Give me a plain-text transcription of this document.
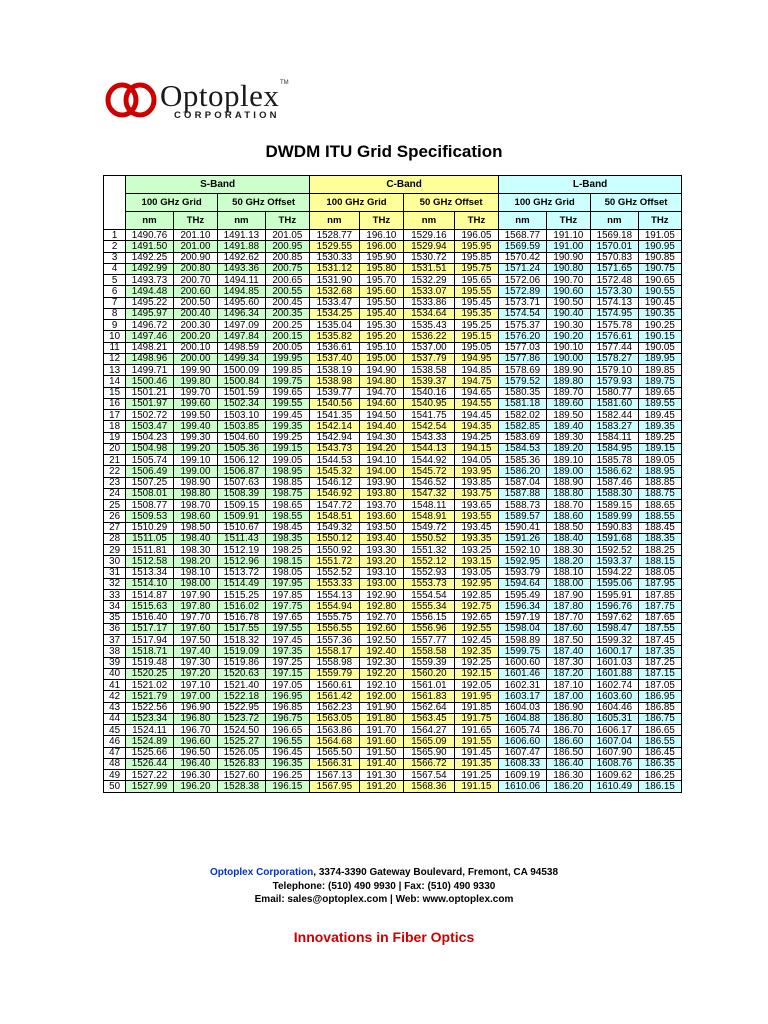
Optoplex TM
CORPORATION
DWDM ITU Grid Specification
	S-Band				C-Band				L-Band			
	100 GHz Grid		50 GHz Offset		100 GHz Grid		50 GHz Offset		100 GHz Grid		50 GHz Offset	
	nm	THz	nm	THz	nm	THz	nm	THz	nm	THz	nm	THz
1	1490.76	201.10	1491.13	201.05	1528.77	196.10	1529.16	196.05	1568.77	191.10	1569.18	191.05
2	1491.50	201.00	1491.88	200.95	1529.55	196.00	1529.94	195.95	1569.59	191.00	1570.01	190.95
3	1492.25	200.90	1492.62	200.85	1530.33	195.90	1530.72	195.85	1570.42	190.90	1570.83	190.85
4	1492.99	200.80	1493.36	200.75	1531.12	195.80	1531.51	195.75	1571.24	190.80	1571.65	190.75
5	1493.73	200.70	1494.11	200.65	1531.90	195.70	1532.29	195.65	1572.06	190.70	1572.48	190.65
6	1494.48	200.60	1494.85	200.55	1532.68	195.60	1533.07	195.55	1572.89	190.60	1573.30	190.55
7	1495.22	200.50	1495.60	200.45	1533.47	195.50	1533.86	195.45	1573.71	190.50	1574.13	190.45
8	1495.97	200.40	1496.34	200.35	1534.25	195.40	1534.64	195.35	1574.54	190.40	1574.95	190.35
9	1496.72	200.30	1497.09	200.25	1535.04	195.30	1535.43	195.25	1575.37	190.30	1575.78	190.25
10	1497.46	200.20	1497.84	200.15	1535.82	195.20	1536.22	195.15	1576.20	190.20	1576.61	190.15
11	1498.21	200.10	1498.59	200.05	1536.61	195.10	1537.00	195.05	1577.03	190.10	1577.44	190.05
12	1498.96	200.00	1499.34	199.95	1537.40	195.00	1537.79	194.95	1577.86	190.00	1578.27	189.95
13	1499.71	199.90	1500.09	199.85	1538.19	194.90	1538.58	194.85	1578.69	189.90	1579.10	189.85
14	1500.46	199.80	1500.84	199.75	1538.98	194.80	1539.37	194.75	1579.52	189.80	1579.93	189.75
15	1501.21	199.70	1501.59	199.65	1539.77	194.70	1540.16	194.65	1580.35	189.70	1580.77	189.65
16	1501.97	199.60	1502.34	199.55	1540.56	194.60	1540.95	194.55	1581.18	189.60	1581.60	189.55
17	1502.72	199.50	1503.10	199.45	1541.35	194.50	1541.75	194.45	1582.02	189.50	1582.44	189.45
18	1503.47	199.40	1503.85	199.35	1542.14	194.40	1542.54	194.35	1582.85	189.40	1583.27	189.35
19	1504.23	199.30	1504.60	199.25	1542.94	194.30	1543.33	194.25	1583.69	189.30	1584.11	189.25
20	1504.98	199.20	1505.36	199.15	1543.73	194.20	1544.13	194.15	1584.53	189.20	1584.95	189.15
21	1505.74	199.10	1506.12	199.05	1544.53	194.10	1544.92	194.05	1585.36	189.10	1585.78	189.05
22	1506.49	199.00	1506.87	198.95	1545.32	194.00	1545.72	193.95	1586.20	189.00	1586.62	188.95
23	1507.25	198.90	1507.63	198.85	1546.12	193.90	1546.52	193.85	1587.04	188.90	1587.46	188.85
24	1508.01	198.80	1508.39	198.75	1546.92	193.80	1547.32	193.75	1587.88	188.80	1588.30	188.75
25	1508.77	198.70	1509.15	198.65	1547.72	193.70	1548.11	193.65	1588.73	188.70	1589.15	188.65
26	1509.53	198.60	1509.91	198.55	1548.51	193.60	1548.91	193.55	1589.57	188.60	1589.99	188.55
27	1510.29	198.50	1510.67	198.45	1549.32	193.50	1549.72	193.45	1590.41	188.50	1590.83	188.45
28	1511.05	198.40	1511.43	198.35	1550.12	193.40	1550.52	193.35	1591.26	188.40	1591.68	188.35
29	1511.81	198.30	1512.19	198.25	1550.92	193.30	1551.32	193.25	1592.10	188.30	1592.52	188.25
30	1512.58	198.20	1512.96	198.15	1551.72	193.20	1552.12	193.15	1592.95	188.20	1593.37	188.15
31	1513.34	198.10	1513.72	198.05	1552.52	193.10	1552.93	193.05	1593.79	188.10	1594.22	188.05
32	1514.10	198.00	1514.49	197.95	1553.33	193.00	1553.73	192.95	1594.64	188.00	1595.06	187.95
33	1514.87	197.90	1515.25	197.85	1554.13	192.90	1554.54	192.85	1595.49	187.90	1595.91	187.85
34	1515.63	197.80	1516.02	197.75	1554.94	192.80	1555.34	192.75	1596.34	187.80	1596.76	187.75
35	1516.40	197.70	1516.78	197.65	1555.75	192.70	1556.15	192.65	1597.19	187.70	1597.62	187.65
36	1517.17	197.60	1517.55	197.55	1556.55	192.60	1556.96	192.55	1598.04	187.60	1598.47	187.55
37	1517.94	197.50	1518.32	197.45	1557.36	192.50	1557.77	192.45	1598.89	187.50	1599.32	187.45
38	1518.71	197.40	1519.09	197.35	1558.17	192.40	1558.58	192.35	1599.75	187.40	1600.17	187.35
39	1519.48	197.30	1519.86	197.25	1558.98	192.30	1559.39	192.25	1600.60	187.30	1601.03	187.25
40	1520.25	197.20	1520.63	197.15	1559.79	192.20	1560.20	192.15	1601.46	187.20	1601.88	187.15
41	1521.02	197.10	1521.40	197.05	1560.61	192.10	1561.01	192.05	1602.31	187.10	1602.74	187.05
42	1521.79	197.00	1522.18	196.95	1561.42	192.00	1561.83	191.95	1603.17	187.00	1603.60	186.95
43	1522.56	196.90	1522.95	196.85	1562.23	191.90	1562.64	191.85	1604.03	186.90	1604.46	186.85
44	1523.34	196.80	1523.72	196.75	1563.05	191.80	1563.45	191.75	1604.88	186.80	1605.31	186.75
45	1524.11	196.70	1524.50	196.65	1563.86	191.70	1564.27	191.65	1605.74	186.70	1606.17	186.65
46	1524.89	196.60	1525.27	196.55	1564.68	191.60	1565.09	191.55	1606.60	186.60	1607.04	186.55
47	1525.66	196.50	1526.05	196.45	1565.50	191.50	1565.90	191.45	1607.47	186.50	1607.90	186.45
48	1526.44	196.40	1526.83	196.35	1566.31	191.40	1566.72	191.35	1608.33	186.40	1608.76	186.35
49	1527.22	196.30	1527.60	196.25	1567.13	191.30	1567.54	191.25	1609.19	186.30	1609.62	186.25
50	1527.99	196.20	1528.38	196.15	1567.95	191.20	1568.36	191.15	1610.06	186.20	1610.49	186.15
Optoplex Corporation, 3374-3390 Gateway Boulevard, Fremont, CA 94538
Telephone: (510) 490 9930 | Fax: (510) 490 9330
Email: sales@optoplex.com | Web: www.optoplex.com
Innovations in Fiber Optics
